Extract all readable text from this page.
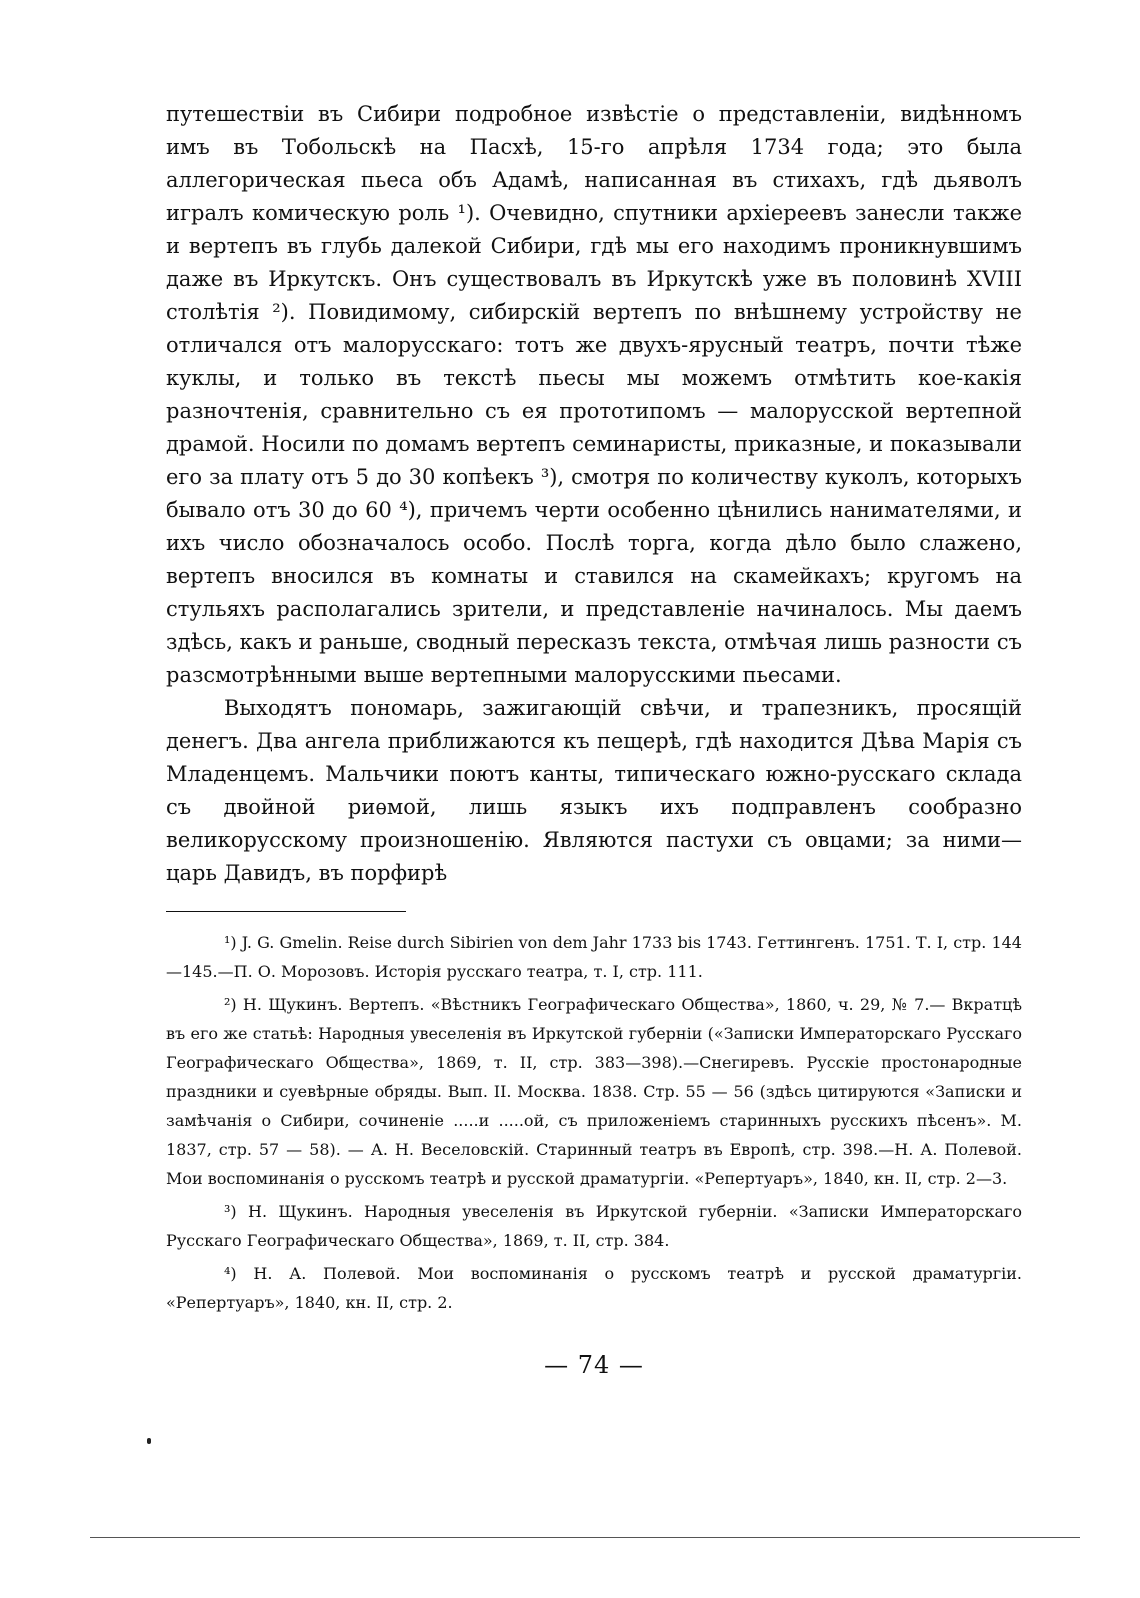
путешествіи въ Сибири подробное извѣстіе о представленіи, видѣнномъ имъ въ Тобольскѣ на Пасхѣ, 15-го апрѣля 1734 года; это была аллегорическая пьеса объ Адамѣ, написанная въ стихахъ, гдѣ дьяволъ игралъ комическую роль ¹). Очевидно, спутники архіереевъ занесли также и вертепъ въ глубь далекой Сибири, гдѣ мы его находимъ проникнувшимъ даже въ Иркутскъ. Онъ существовалъ въ Иркутскѣ уже въ половинѣ XVIII столѣтія ²). Повидимому, сибирскій вертепъ по внѣшнему устройству не отличался отъ малорусскаго: тотъ же двухъ-ярусный театръ, почти тѣже куклы, и только въ текстѣ пьесы мы можемъ отмѣтить кое-какія разночтенія, сравнительно съ ея прототипомъ — малорусской вертепной драмой. Носили по домамъ вертепъ семинаристы, приказные, и показывали его за плату отъ 5 до 30 копѣекъ ³), смотря по количеству куколъ, которыхъ бывало отъ 30 до 60 ⁴), причемъ черти особенно цѣнились нанимателями, и ихъ число обозначалось особо. Послѣ торга, когда дѣло было слажено, вертепъ вносился въ комнаты и ставился на скамейкахъ; кругомъ на стульяхъ располагались зрители, и представленіе начиналось. Мы даемъ здѣсь, какъ и раньше, сводный пересказъ текста, отмѣчая лишь разности съ разсмотрѣнными выше вертепными малорусскими пьесами.

Выходятъ пономарь, зажигающій свѣчи, и трапезникъ, просящій денегъ. Два ангела приближаются къ пещерѣ, гдѣ находится Дѣва Марія съ Младенцемъ. Мальчики поютъ канты, типическаго южно-русскаго склада съ двойной риѳмой, лишь языкъ ихъ подправленъ сообразно великорусскому произношенію. Являются пастухи съ овцами; за ними—царь Давидъ, въ порфирѣ

¹) J. G. Gmelin. Reise durch Sibirien von dem Jahr 1733 bis 1743. Геттингенъ. 1751. Т. I, стр. 144—145.—П. О. Морозовъ. Исторія русскаго театра, т. I, стр. 111.

²) Н. Щукинъ. Вертепъ. «Вѣстникъ Географическаго Общества», 1860, ч. 29, № 7.— Вкратцѣ въ его же статьѣ: Народныя увеселенія въ Иркутской губерніи («Записки Императорскаго Русскаго Географическаго Общества», 1869, т. II, стр. 383—398).—Снегиревъ. Русскіе простонародные праздники и суевѣрные обряды. Вып. II. Москва. 1838. Стр. 55 — 56 (здѣсь цитируются «Записки и замѣчанія о Сибири, сочиненіе .....и .....ой, съ приложеніемъ старинныхъ русскихъ пѣсенъ». М. 1837, стр. 57 — 58). — А. Н. Веселовскій. Старинный театръ въ Европѣ, стр. 398.—Н. А. Полевой. Мои воспоминанія о русскомъ театрѣ и русской драматургіи. «Репертуаръ», 1840, кн. II, стр. 2—3.

³) Н. Щукинъ. Народныя увеселенія въ Иркутской губерніи. «Записки Императорскаго Русскаго Географическаго Общества», 1869, т. II, стр. 384.

⁴) Н. А. Полевой. Мои воспоминанія о русскомъ театрѣ и русской драматургіи. «Репертуаръ», 1840, кн. II, стр. 2.

— 74 —
